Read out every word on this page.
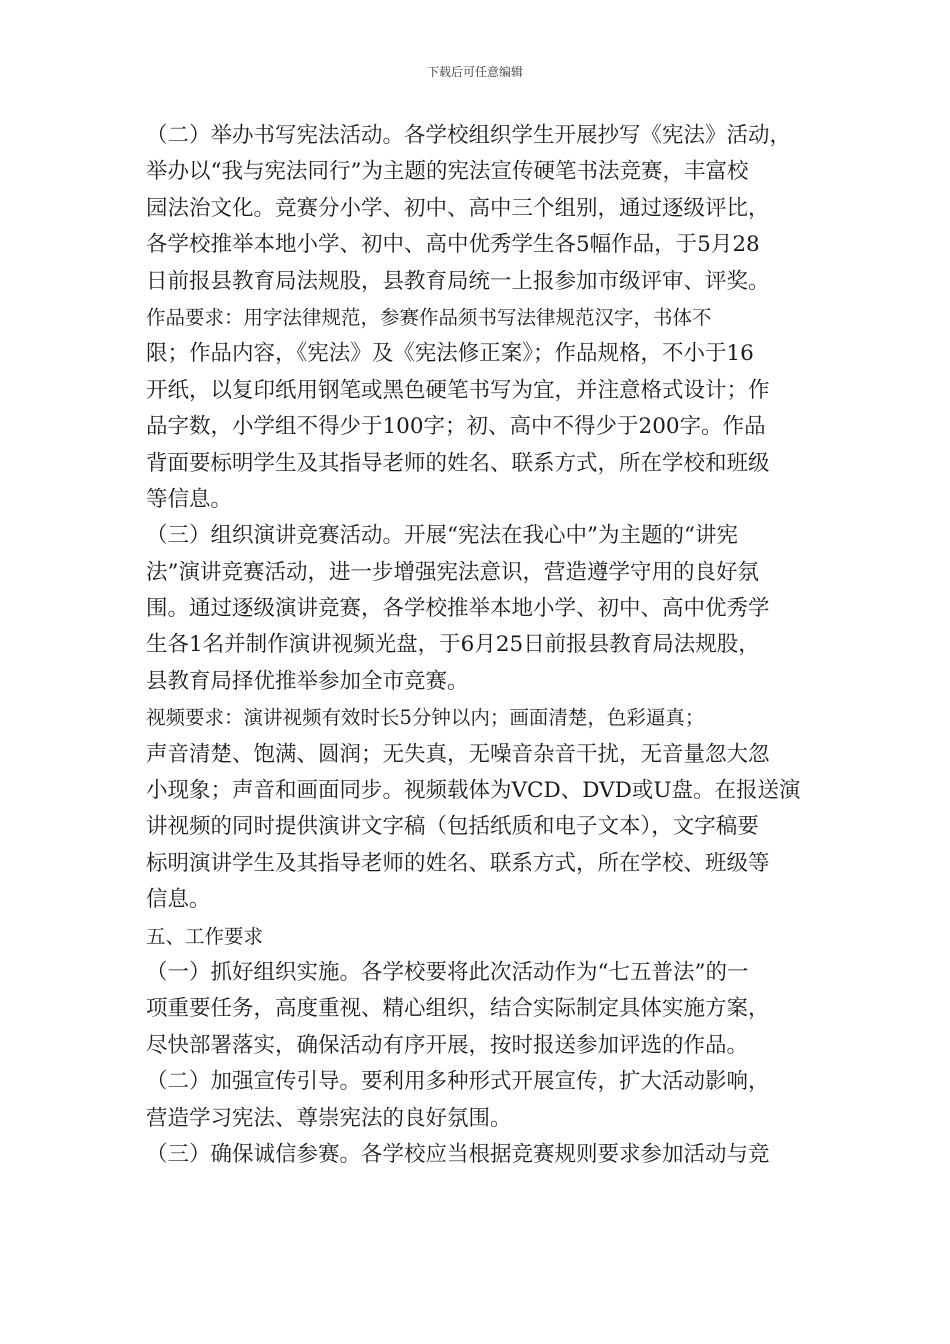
下载后可任意编辑
（二）举办书写宪法活动。各学校组织学生开展抄写《宪法》活动，
举办以“我与宪法同行”为主题的宪法宣传硬笔书法竞赛，丰富校
园法治文化。竞赛分小学、初中、高中三个组别，通过逐级评比，
各学校推举本地小学、初中、高中优秀学生各5幅作品，于5月28
日前报县教育局法规股，县教育局统一上报参加市级评审、评奖。
作品要求：用字法律规范，参赛作品须书写法律规范汉字，书体不
限；作品内容，《宪法》及《宪法修正案》；作品规格，不小于16
开纸，以复印纸用钢笔或黑色硬笔书写为宜，并注意格式设计；作
品字数，小学组不得少于100字；初、高中不得少于200字。作品
背面要标明学生及其指导老师的姓名、联系方式，所在学校和班级
等信息。
（三）组织演讲竞赛活动。开展“宪法在我心中”为主题的“讲宪
法”演讲竞赛活动，进一步增强宪法意识，营造遵学守用的良好氛
围。通过逐级演讲竞赛，各学校推举本地小学、初中、高中优秀学
生各1名并制作演讲视频光盘，于6月25日前报县教育局法规股，
县教育局择优推举参加全市竞赛。
视频要求：演讲视频有效时长5分钟以内；画面清楚，色彩逼真；
声音清楚、饱满、圆润；无失真，无噪音杂音干扰，无音量忽大忽
小现象；声音和画面同步。视频载体为VCD、DVD或U盘。在报送演
讲视频的同时提供演讲文字稿（包括纸质和电子文本），文字稿要
标明演讲学生及其指导老师的姓名、联系方式，所在学校、班级等
信息。
五、工作要求
（一）抓好组织实施。各学校要将此次活动作为“七五普法”的一
项重要任务，高度重视、精心组织，结合实际制定具体实施方案，
尽快部署落实，确保活动有序开展，按时报送参加评选的作品。
（二）加强宣传引导。要利用多种形式开展宣传，扩大活动影响，
营造学习宪法、尊崇宪法的良好氛围。
（三）确保诚信参赛。各学校应当根据竞赛规则要求参加活动与竞
